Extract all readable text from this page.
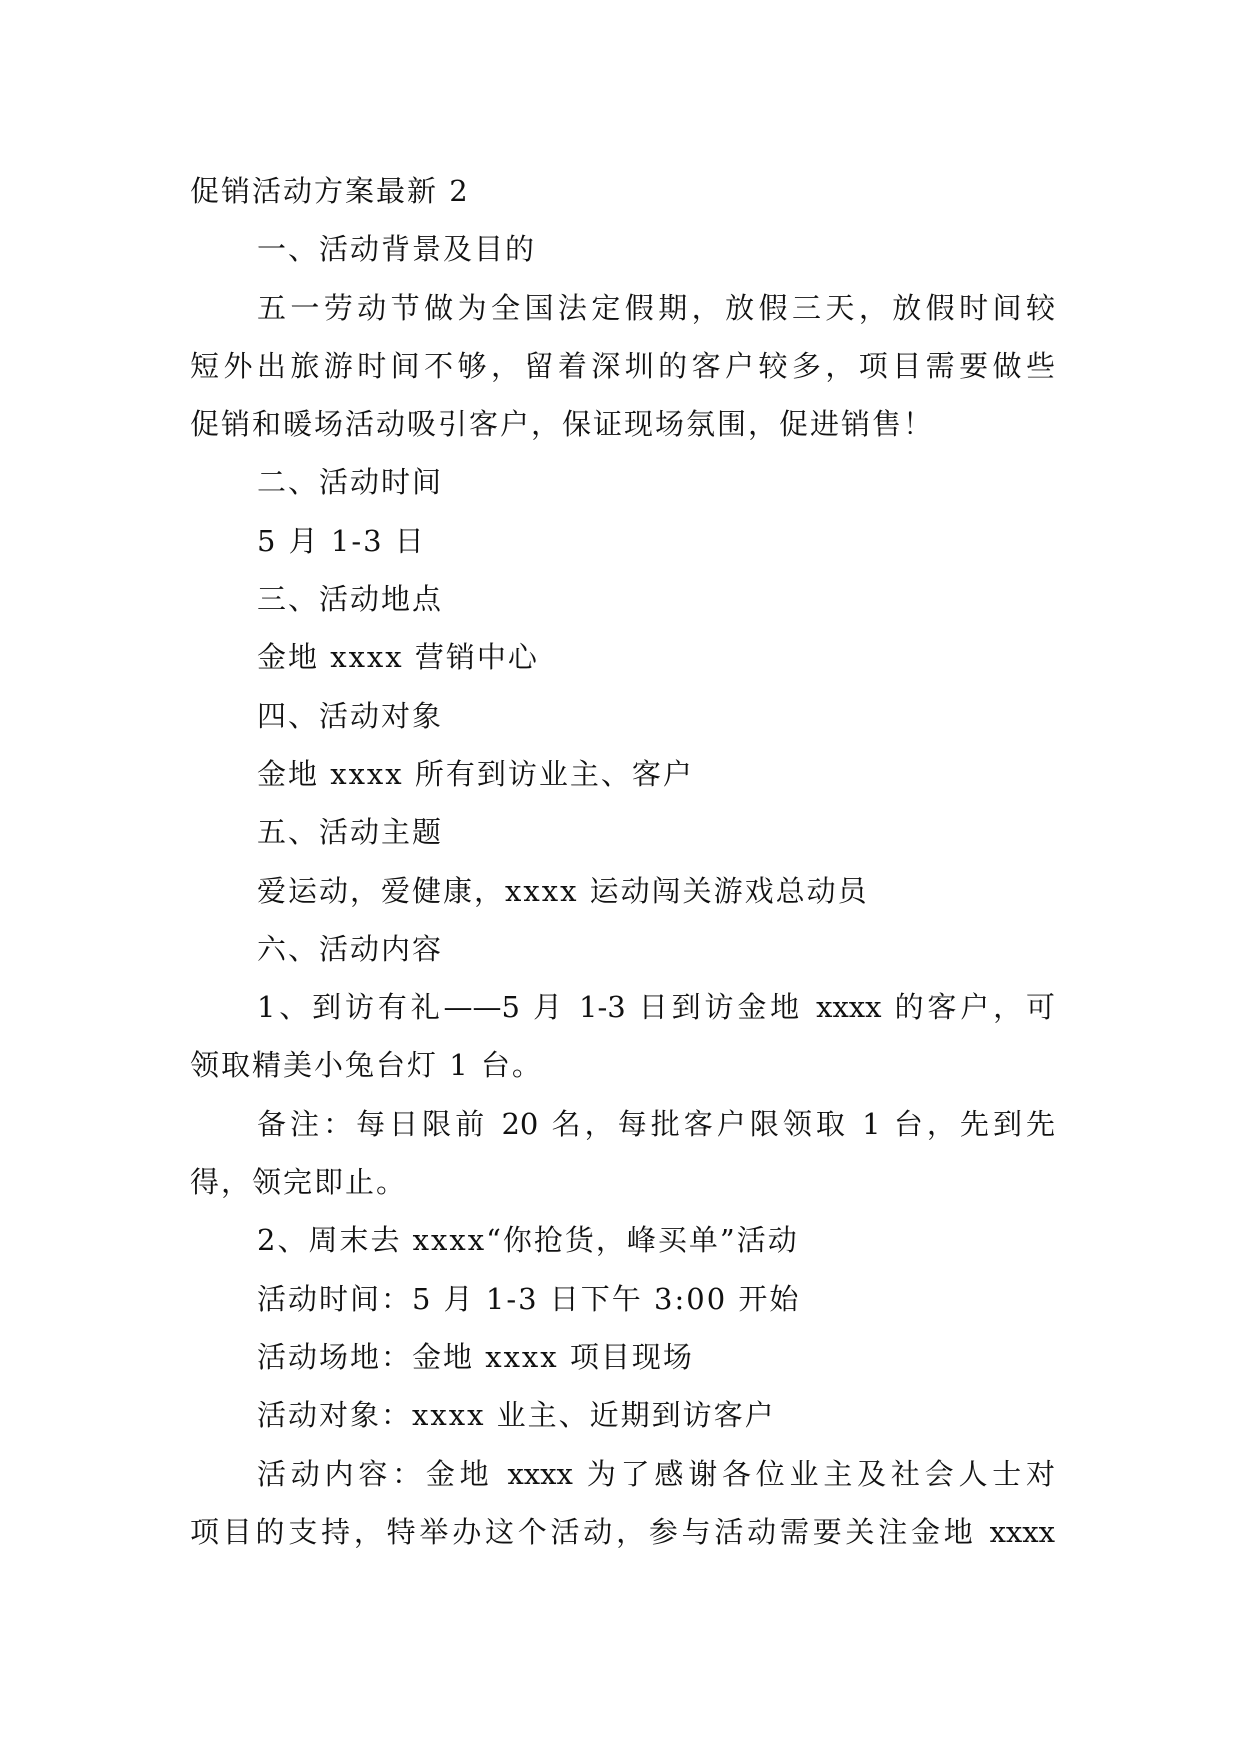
促销活动方案最新 2
一、活动背景及目的
五一劳动节做为全国法定假期，放假三天，放假时间较
短外出旅游时间不够，留着深圳的客户较多，项目需要做些
促销和暖场活动吸引客户，保证现场氛围，促进销售！
二、活动时间
5 月 1-3 日
三、活动地点
金地 xxxx 营销中心
四、活动对象
金地 xxxx 所有到访业主、客户
五、活动主题
爱运动，爱健康，xxxx 运动闯关游戏总动员
六、活动内容
1、到访有礼——5 月 1-3 日到访金地 xxxx 的客户，可
领取精美小兔台灯 1 台。
备注：每日限前 20 名，每批客户限领取 1 台，先到先
得，领完即止。
2、周末去 xxxx“你抢货，峰买单”活动
活动时间：5 月 1-3 日下午 3:00 开始
活动场地：金地 xxxx 项目现场
活动对象：xxxx 业主、近期到访客户
活动内容：金地 xxxx 为了感谢各位业主及社会人士对
项目的支持，特举办这个活动，参与活动需要关注金地 xxxx
